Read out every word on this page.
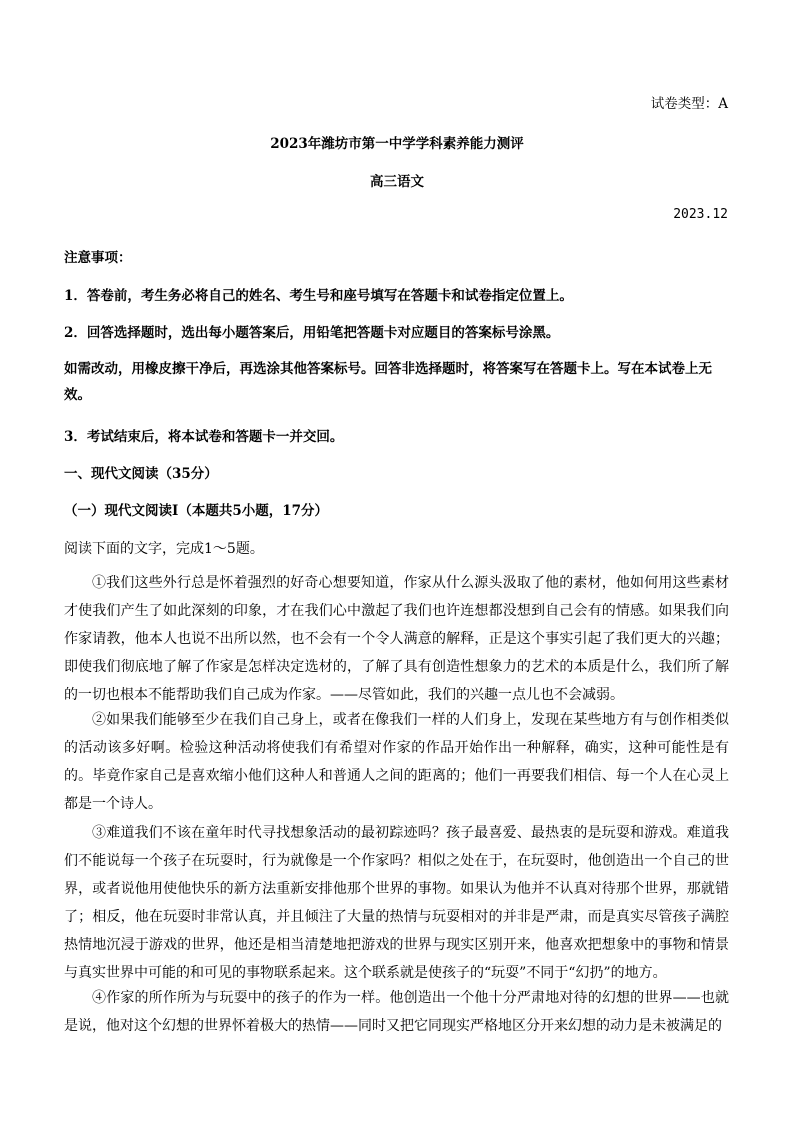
试卷类型：A
2023年潍坊市第一中学学科素养能力测评
高三语文
2023.12
注意事项：
1．答卷前，考生务必将自己的姓名、考生号和座号填写在答题卡和试卷指定位置上。
2．回答选择题时，选出每小题答案后，用铅笔把答题卡对应题目的答案标号涂黑。
如需改动，用橡皮擦干净后，再选涂其他答案标号。回答非选择题时，将答案写在答题卡上。写在本试卷上无效。
3．考试结束后，将本试卷和答题卡一并交回。
一、现代文阅读（35分）
（一）现代文阅读Ⅰ（本题共5小题，17分）
阅读下面的文字，完成1～5题。
①我们这些外行总是怀着强烈的好奇心想要知道，作家从什么源头汲取了他的素材，他如何用这些素材才使我们产生了如此深刻的印象，才在我们心中激起了我们也许连想都没想到自己会有的情感。如果我们向作家请教，他本人也说不出所以然，也不会有一个令人满意的解释，正是这个事实引起了我们更大的兴趣；即使我们彻底地了解了作家是怎样决定选材的，了解了具有创造性想象力的艺术的本质是什么，我们所了解的一切也根本不能帮助我们自己成为作家。——尽管如此，我们的兴趣一点儿也不会减弱。
②如果我们能够至少在我们自己身上，或者在像我们一样的人们身上，发现在某些地方有与创作相类似的活动该多好啊。检验这种活动将使我们有希望对作家的作品开始作出一种解释，确实，这种可能性是有的。毕竟作家自己是喜欢缩小他们这种人和普通人之间的距离的；他们一再要我们相信、每一个人在心灵上都是一个诗人。
③难道我们不该在童年时代寻找想象活动的最初踪迹吗？孩子最喜爱、最热衷的是玩耍和游戏。难道我们不能说每一个孩子在玩耍时，行为就像是一个作家吗？相似之处在于，在玩耍时，他创造出一个自己的世界，或者说他用使他快乐的新方法重新安排他那个世界的事物。如果认为他并不认真对待那个世界，那就错了；相反，他在玩耍时非常认真，并且倾注了大量的热情与玩耍相对的并非是严肃，而是真实尽管孩子满腔热情地沉浸于游戏的世界，他还是相当清楚地把游戏的世界与现实区别开来，他喜欢把想象中的事物和情景与真实世界中可能的和可见的事物联系起来。这个联系就是使孩子的“玩耍”不同于“幻扔”的地方。
④作家的所作所为与玩耍中的孩子的作为一样。他创造出一个他十分严肃地对待的幻想的世界——也就是说，他对这个幻想的世界怀着极大的热情——同时又把它同现实严格地区分开来幻想的动力是未被满足的
